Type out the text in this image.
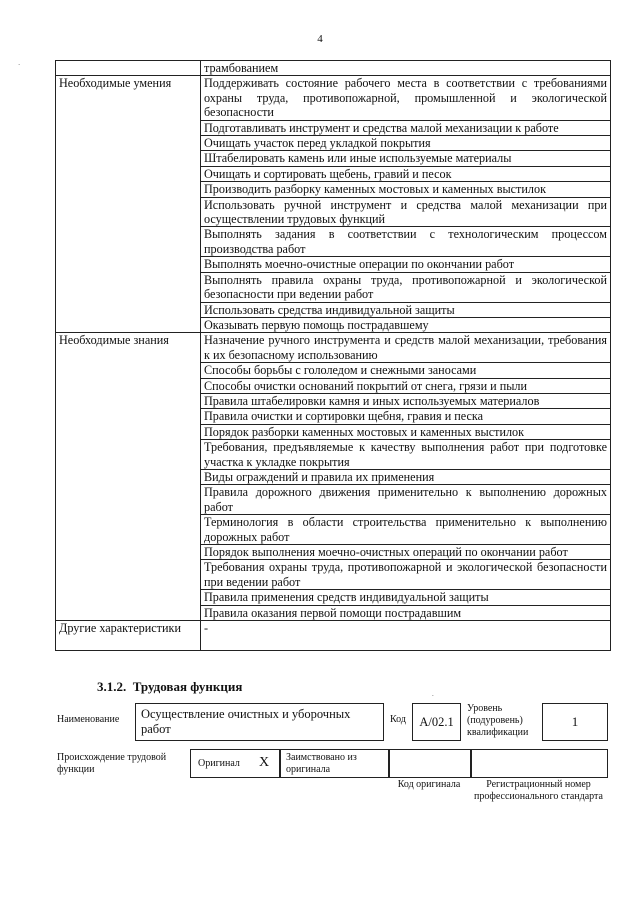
4
	трамбованием
Необходимые умения	Поддерживать состояние рабочего места в соответствии с требованиями охраны труда, противопожарной, промышленной и экологической безопасности
	Подготавливать инструмент и средства малой механизации к работе
	Очищать участок перед укладкой покрытия
	Штабелировать камень или иные используемые материалы
	Очищать и сортировать щебень, гравий и песок
	Производить разборку каменных мостовых и каменных выстилок
	Использовать ручной инструмент и средства малой механизации при осуществлении трудовых функций
	Выполнять задания в соответствии с технологическим процессом производства работ
	Выполнять моечно-очистные операции по окончании работ
	Выполнять правила охраны труда, противопожарной и экологической безопасности при ведении работ
	Использовать средства индивидуальной защиты
	Оказывать первую помощь пострадавшему
Необходимые знания	Назначение ручного инструмента и средств малой механизации, требования к их безопасному использованию
	Способы борьбы с гололедом и снежными заносами
	Способы очистки оснований покрытий от снега, грязи и пыли
	Правила штабелировки камня и иных используемых материалов
	Правила очистки и сортировки щебня, гравия и песка
	Порядок разборки каменных мостовых и каменных выстилок
	Требования, предъявляемые к качеству выполнения работ при подготовке участка к укладке покрытия
	Виды ограждений и правила их применения
	Правила дорожного движения применительно к выполнению дорожных работ
	Терминология в области строительства применительно к выполнению дорожных работ
	Порядок выполнения моечно-очистных операций по окончании работ
	Требования охраны труда, противопожарной и экологической безопасности при ведении работ
	Правила применения средств индивидуальной защиты
	Правила оказания первой помощи пострадавшим
Другие характеристики	-
3.1.2. Трудовая функция
Наименование Осуществление очистных и уборочных работ
Код	А/02.1
Уровень (подуровень) квалификации
1
Происхождение трудовой функции
Оригинал X Заимствовано из оригинала
Код оригинала	Регистрационный номер профессионального стандарта
`
.
